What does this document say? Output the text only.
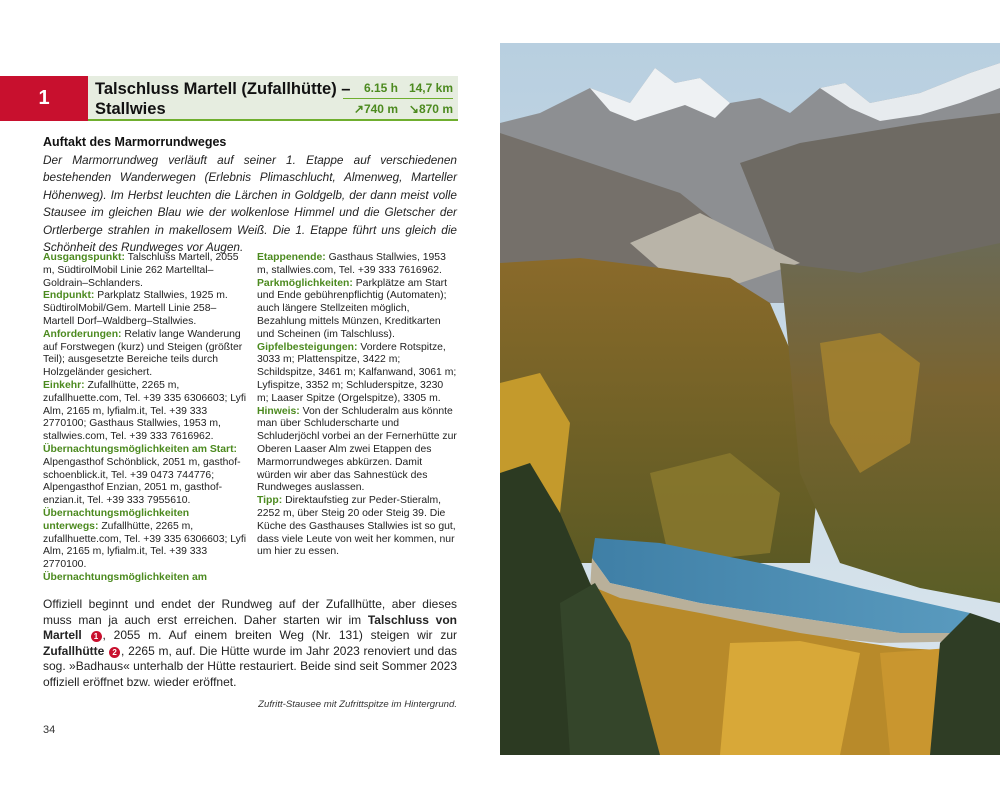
1	Talschluss Martell (Zufallhütte) –
Stallwies
6.15 h 14,7 km
↗740 m ↘870 m
Auftakt des Marmorrundweges
Der Marmorrundweg verläuft auf seiner 1. Etappe auf verschiedenen bestehenden Wanderwegen (Erlebnis Plimaschlucht, Almenweg, Marteller Höhenweg). Im Herbst leuchten die Lärchen in Goldgelb, der dann meist volle Stausee im gleichen Blau wie der wolkenlose Himmel und die Gletscher der Ortlerberge strahlen in makellosem Weiß. Die 1. Etappe führt uns gleich die Schönheit des Rundweges vor Augen.
Ausgangspunkt: Talschluss Martell, 2055 m, SüdtirolMobil Linie 262 Martelltal–Goldrain–Schlanders.
Endpunkt: Parkplatz Stallwies, 1925 m. SüdtirolMobil/Gem. Martell Linie 258–Martell Dorf–Waldberg–Stallwies.
Anforderungen: Relativ lange Wanderung auf Forstwegen (kurz) und Steigen (größter Teil); ausgesetzte Bereiche teils durch Holzgeländer gesichert.
Einkehr: Zufallhütte, 2265 m, zufallhuette.com, Tel. +39 335 6306603; Lyfi Alm, 2165 m, lyfialm.it, Tel. +39 333 2770100; Gasthaus Stallwies, 1953 m, stallwies.com, Tel. +39 333 7616962.
Übernachtungsmöglichkeiten am Start: Alpengasthof Schönblick, 2051 m, gasthof-schoenblick.it, Tel. +39 0473 744776; Alpengasthof Enzian, 2051 m, gasthof-enzian.it, Tel. +39 333 7955610.
Übernachtungsmöglichkeiten unterwegs: Zufallhütte, 2265 m, zufallhuette.com, Tel. +39 335 6306603; Lyfi Alm, 2165 m, lyfialm.it, Tel. +39 333 2770100.
Übernachtungsmöglichkeiten am
Etappenende: Gasthaus Stallwies, 1953 m, stallwies.com, Tel. +39 333 7616962.
Parkmöglichkeiten: Parkplätze am Start und Ende gebührenpflichtig (Automaten); auch längere Stellzeiten möglich, Bezahlung mittels Münzen, Kreditkarten und Scheinen (im Talschluss).
Gipfelbesteigungen: Vordere Rotspitze, 3033 m; Plattenspitze, 3422 m; Schildspitze, 3461 m; Kalfanwand, 3061 m; Lyfispitze, 3352 m; Schluderspitze, 3230 m; Laaser Spitze (Orgelspitze), 3305 m.
Hinweis: Von der Schluderalm aus könnte man über Schluderscharte und Schluderjöchl vorbei an der Fernerhütte zur Oberen Laaser Alm zwei Etappen des Marmorrundweges abkürzen. Damit würden wir aber das Sahnestück des Rundweges auslassen.
Tipp: Direktaufstieg zur Peder-Stieralm, 2252 m, über Steig 20 oder Steig 39. Die Küche des Gasthauses Stallwies ist so gut, dass viele Leute von weit her kommen, nur um hier zu essen.
Offiziell beginnt und endet der Rundweg auf der Zufallhütte, aber dieses muss man ja auch erst erreichen. Daher starten wir im Talschluss von Martell 1 , 2055 m. Auf einem breiten Weg (Nr. 131) steigen wir zur Zufallhütte 2 , 2265 m, auf. Die Hütte wurde im Jahr 2023 renoviert und das sog. »Badhaus« unterhalb der Hütte restauriert. Beide sind seit Sommer 2023 offiziell eröffnet bzw. wieder eröffnet.
Zufritt-Stausee mit Zufrittspitze im Hintergrund.
34
